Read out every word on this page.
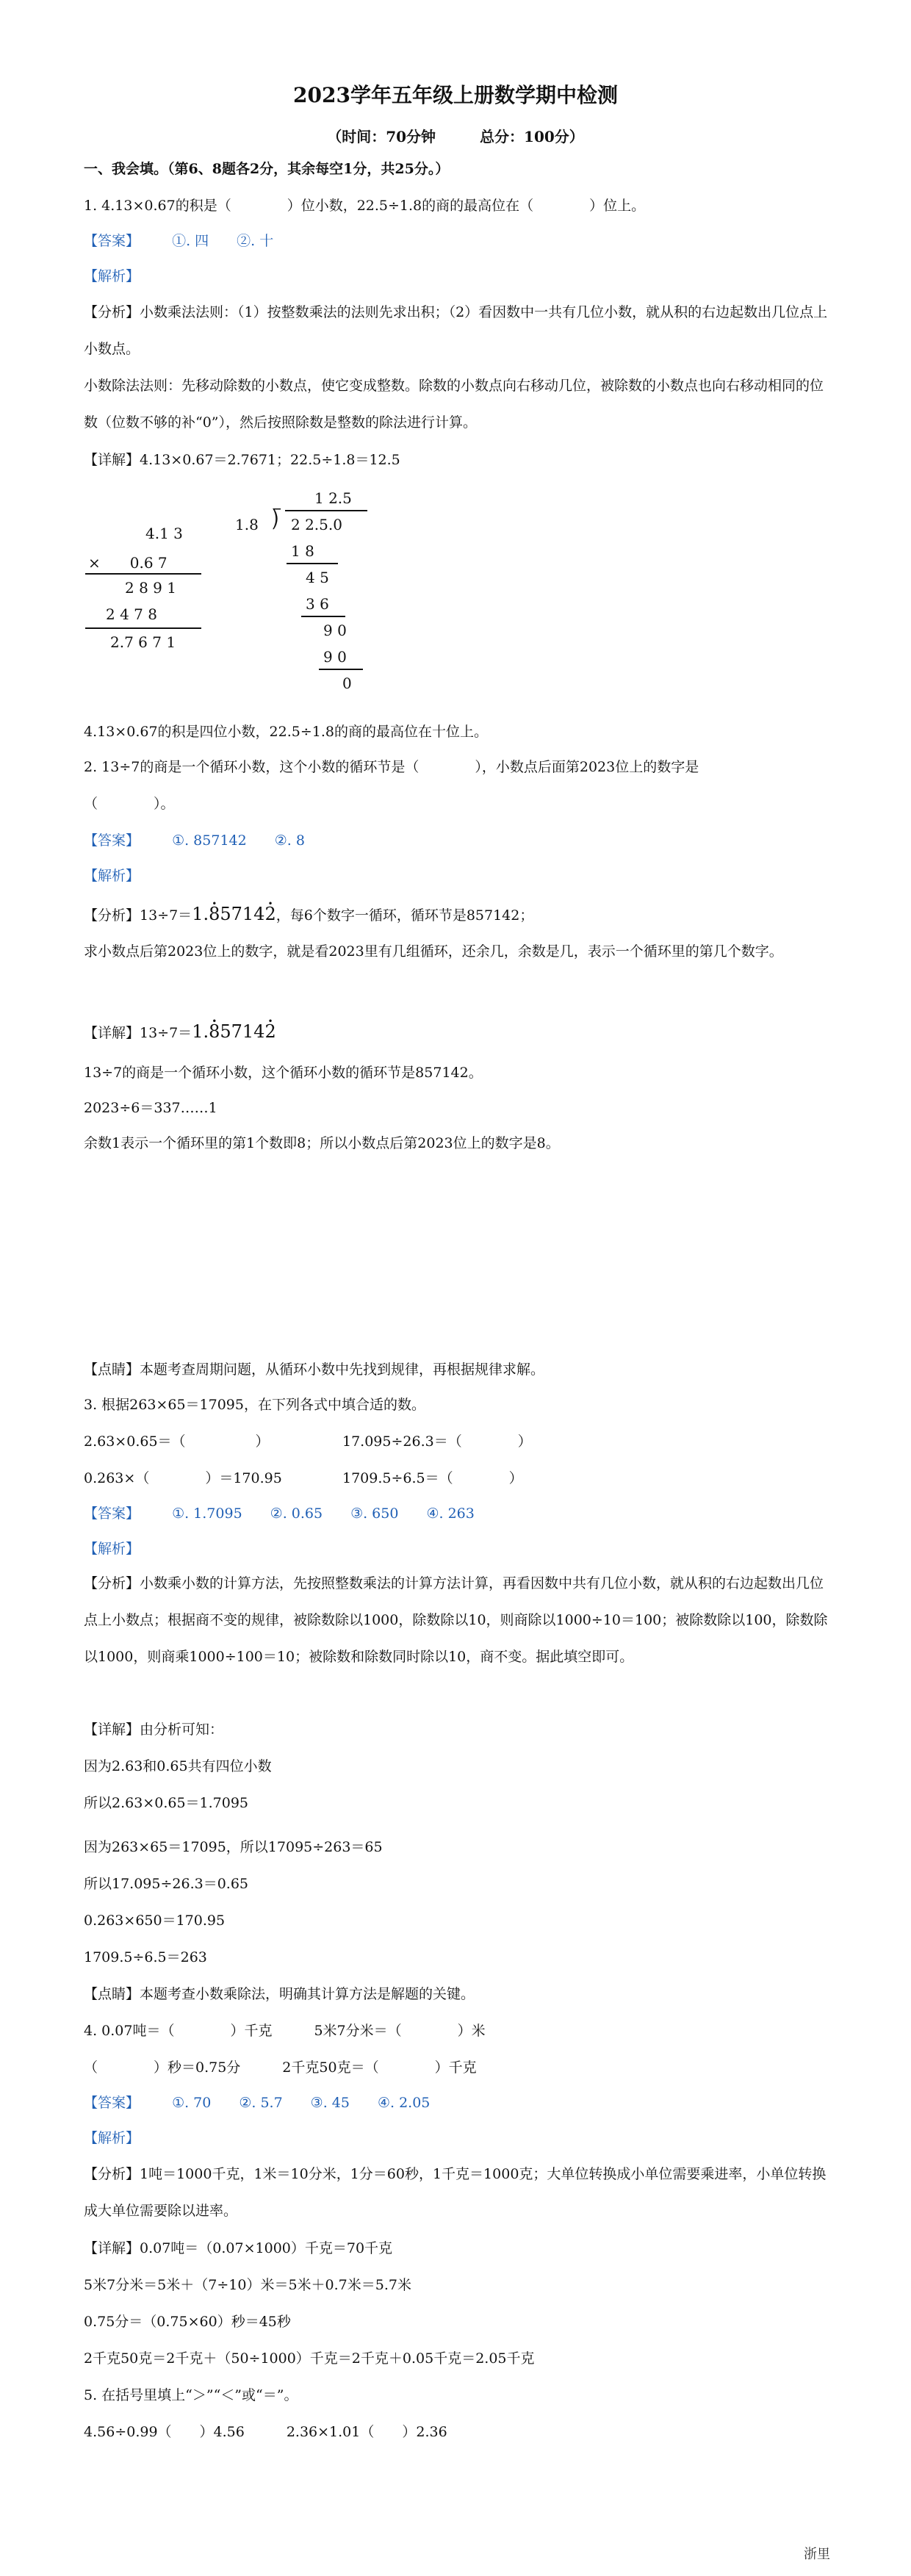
2023学年五年级上册数学期中检测
（时间：70分钟　　　总分：100分）
一、我会填。（第6、8题各2分，其余每空1分，共25分。）
1. 4.13×0.67的积是（　　　　）位小数，22.5÷1.8的商的最高位在（　　　　）位上。
【答案】 ①. 四　　②. 十
【解析】
【分析】小数乘法法则：（1）按整数乘法的法则先求出积；（2）看因数中一共有几位小数，就从积的右边起数出几位点上小数点。
小数除法法则：先移动除数的小数点，使它变成整数。除数的小数点向右移动几位，被除数的小数点也向右移动相同的位数（位数不够的补“0”），然后按照除数是整数的除法进行计算。
【详解】4.13×0.67＝2.7671；22.5÷1.8＝12.5
4.1 3
×　　0.6 7
2 8 9 1
2 4 7 8
2.7 6 7 1
1 2.5
1.8 ⟌ 2 2.5.0
1 8
4 5
3 6
9 0
9 0
0
4.13×0.67的积是四位小数，22.5÷1.8的商的最高位在十位上。
2. 13÷7的商是一个循环小数，这个小数的循环节是（　　　　），小数点后面第2023位上的数字是
（　　　　）。
【答案】 ①. 857142　　②. 8
【解析】
【分析】13÷7＝1.• 85714• 2，每6个数字一循环，循环节是857142；
求小数点后第2023位上的数字，就是看2023里有几组循环，还余几，余数是几，表示一个循环里的第几个数字。
【详解】13÷7＝1.• 85714• 2
13÷7的商是一个循环小数，这个循环小数的循环节是857142。
2023÷6＝337……1
余数1表示一个循环里的第1个数即8；所以小数点后第2023位上的数字是8。
【点睛】本题考查周期问题，从循环小数中先找到规律，再根据规律求解。
3. 根据263×65＝17095，在下列各式中填合适的数。
2.63×0.65＝（　　　　　）	17.095÷26.3＝（　　　　）
0.263×（　　　　）＝170.95	1709.5÷6.5＝（　　　　）
【答案】 ①. 1.7095　　②. 0.65　　③. 650　　④. 263
【解析】
【分析】小数乘小数的计算方法，先按照整数乘法的计算方法计算，再看因数中共有几位小数，就从积的右边起数出几位点上小数点；根据商不变的规律，被除数除以1000，除数除以10，则商除以1000÷10＝100；被除数除以100，除数除以1000，则商乘1000÷100＝10；被除数和除数同时除以10，商不变。据此填空即可。
【详解】由分析可知：
因为2.63和0.65共有四位小数
所以2.63×0.65＝1.7095
因为263×65＝17095，所以17095÷263＝65
所以17.095÷26.3＝0.65
0.263×650＝170.95
1709.5÷6.5＝263
【点睛】本题考查小数乘除法，明确其计算方法是解题的关键。
4. 0.07吨＝（　　　　）千克　　　5米7分米＝（　　　　）米
（　　　　）秒＝0.75分　　　2千克50克＝（　　　　）千克
【答案】 ①. 70　　②. 5.7　　③. 45　　④. 2.05
【解析】
【分析】1吨＝1000千克，1米＝10分米，1分＝60秒，1千克＝1000克；大单位转换成小单位需要乘进率，小单位转换成大单位需要除以进率。
【详解】0.07吨＝（0.07×1000）千克＝70千克
5米7分米＝5米＋（7÷10）米＝5米＋0.7米＝5.7米
0.75分＝（0.75×60）秒＝45秒
2千克50克＝2千克＋（50÷1000）千克＝2千克＋0.05千克＝2.05千克
5. 在括号里填上“＞”“＜”或“＝”。
4.56÷0.99（　　）4.56　　　2.36×1.01（　　）2.36
浙里
